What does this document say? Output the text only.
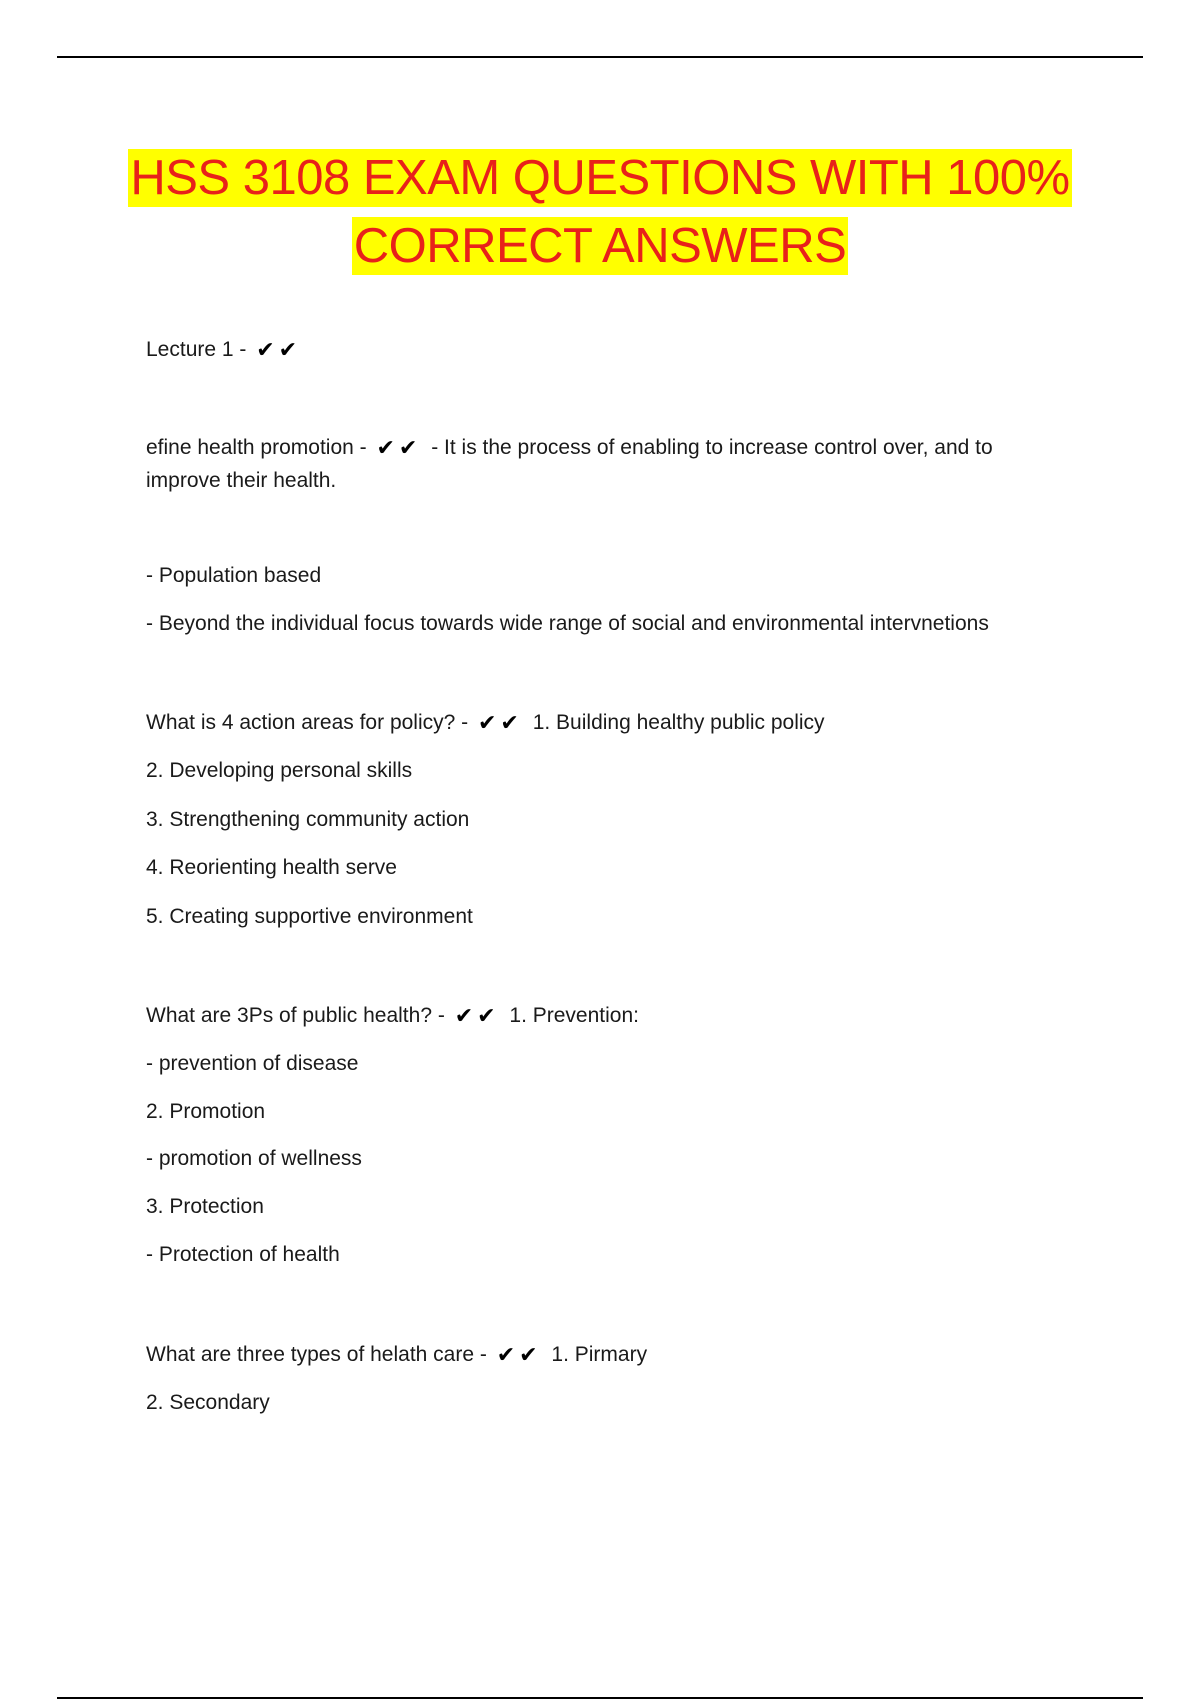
HSS 3108 EXAM QUESTIONS WITH 100%
CORRECT ANSWERS
Lecture 1 - ✔✔
efine health promotion - ✔✔ - It is the process of enabling to increase control over, and to improve their health.
- Population based
- Beyond the individual focus towards wide range of social and environmental intervnetions
What is 4 action areas for policy? - ✔✔ 1. Building healthy public policy
2. Developing personal skills
3. Strengthening community action
4. Reorienting health serve
5. Creating supportive environment
What are 3Ps of public health? - ✔✔ 1. Prevention:
- prevention of disease
2. Promotion
- promotion of wellness
3. Protection
- Protection of health
What are three types of helath care - ✔✔ 1. Pirmary
2. Secondary
